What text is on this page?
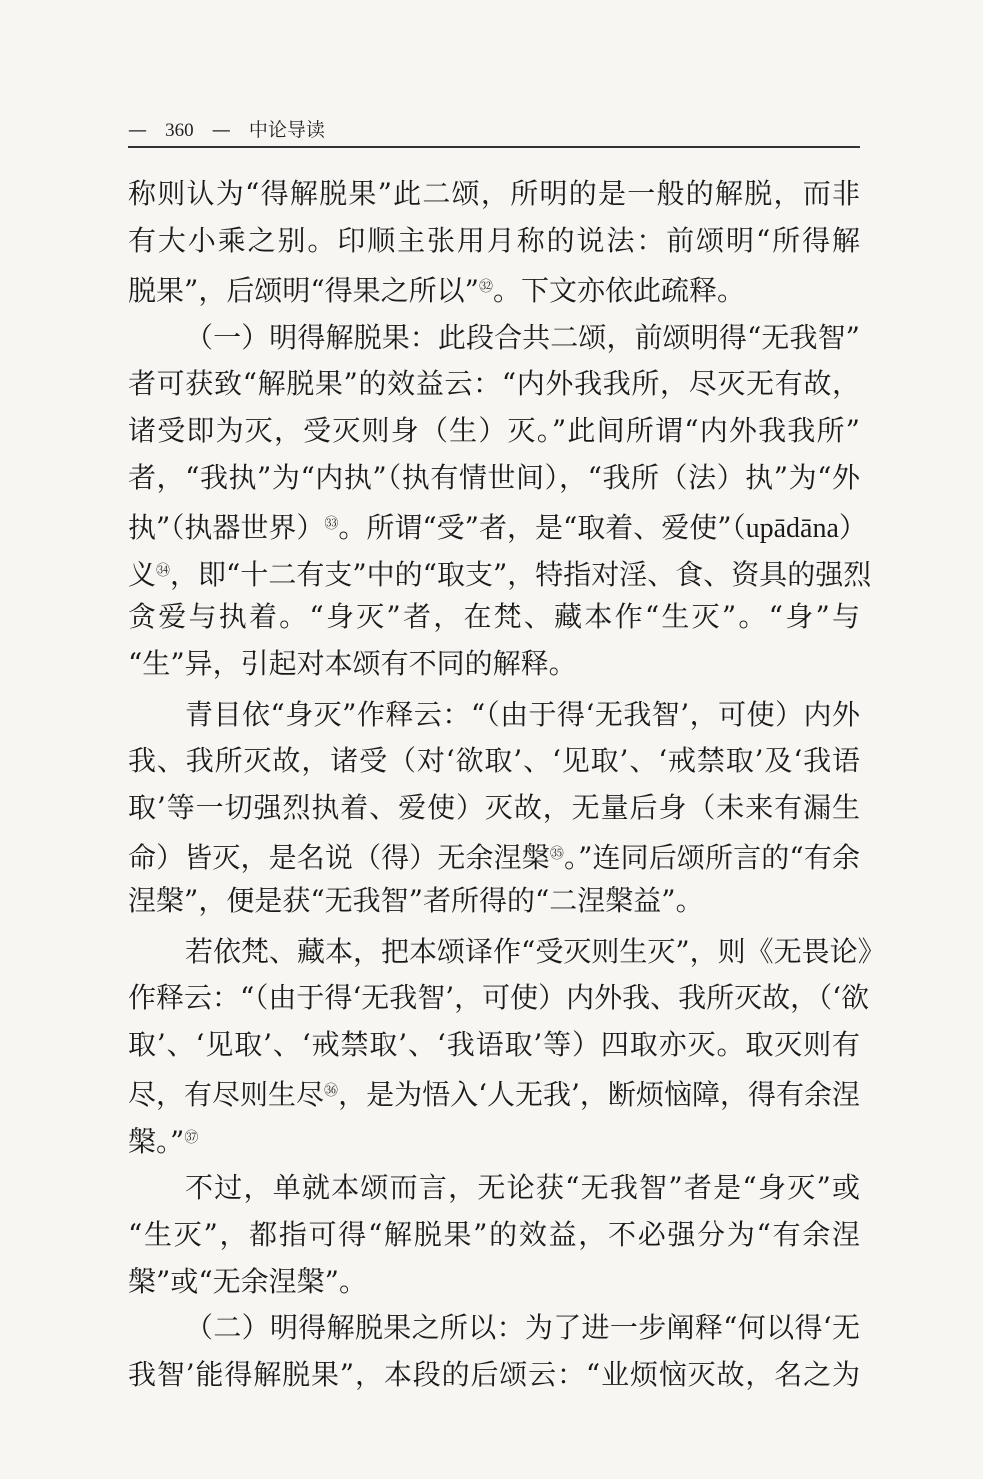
— 360 — 中论导读
称则认为“得解脱果”此二颂，所明的是一般的解脱，而非
有大小乘之别。印顺主张用月称的说法：前颂明“所得解
脱果”，后颂明“得果之所以”$^㉜$。下文亦依此疏释。
（一）明得解脱果：此段合共二颂，前颂明得“无我智”
者可获致“解脱果”的效益云：“内外我我所，尽灭无有故，
诸受即为灭，受灭则身（生）灭。”此间所谓“内外我我所”
者，“我执”为“内执”（执有情世间），“我所（法）执”为“外
执”（执器世界）$^㉝$。所谓“受”者，是“取着、爱使”（upādāna）
义$^㉞$，即“十二有支”中的“取支”，特指对淫、食、资具的强烈
贪爱与执着。“身灭”者，在梵、藏本作“生灭”。“身”与
“生”异，引起对本颂有不同的解释。
青目依“身灭”作释云：“（由于得‘无我智’，可使）内外
我、我所灭故，诸受（对‘欲取’、‘见取’、‘戒禁取’及‘我语
取’等一切强烈执着、爱使）灭故，无量后身（未来有漏生
命）皆灭，是名说（得）无余涅槃$^㉟$。”连同后颂所言的“有余
涅槃”，便是获“无我智”者所得的“二涅槃益”。
若依梵、藏本，把本颂译作“受灭则生灭”，则《无畏论》
作释云：“（由于得‘无我智’，可使）内外我、我所灭故，（‘欲
取’、‘见取’、‘戒禁取’、‘我语取’等）四取亦灭。取灭则有
尽，有尽则生尽$^㊱$，是为悟入‘人无我’，断烦恼障，得有余涅
槃。”$^㊲$
不过，单就本颂而言，无论获“无我智”者是“身灭”或
“生灭”，都指可得“解脱果”的效益，不必强分为“有余涅
槃”或“无余涅槃”。
（二）明得解脱果之所以：为了进一步阐释“何以得‘无
我智’能得解脱果”，本段的后颂云：“业烦恼灭故，名之为
